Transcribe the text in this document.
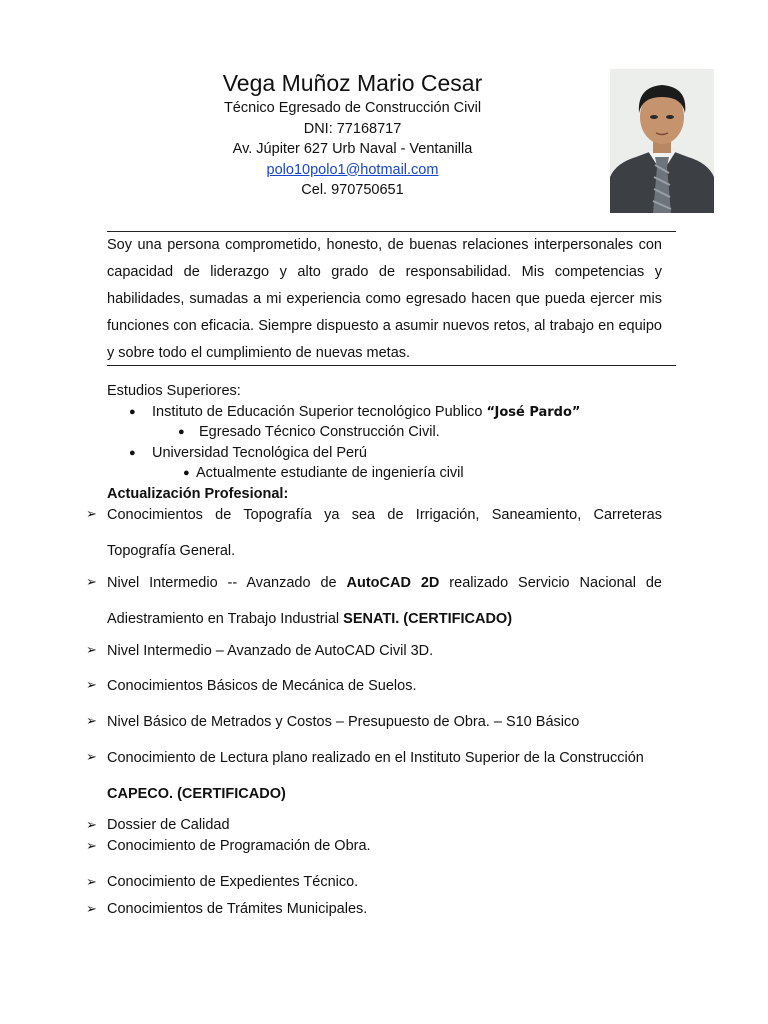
Vega Muñoz Mario Cesar
Técnico Egresado de Construcción Civil
DNI: 77168717
Av. Júpiter 627 Urb Naval - Ventanilla
polo10polo1@hotmail.com
Cel. 970750651
Soy una persona comprometido, honesto, de buenas relaciones interpersonales con capacidad de liderazgo y alto grado de responsabilidad. Mis competencias y habilidades, sumadas a mi experiencia como egresado hacen que pueda ejercer mis funciones con eficacia. Siempre dispuesto a asumir nuevos retos, al trabajo en equipo y sobre todo el cumplimiento de nuevas metas.
Estudios Superiores:
● Instituto de Educación Superior tecnológico Publico “José Pardo”
● Egresado Técnico Construcción Civil.
● Universidad Tecnológica del Perú
● Actualmente estudiante de ingeniería civil
Actualización Profesional:
➢ Conocimientos de Topografía ya sea de Irrigación, Saneamiento, Carreteras
Topografía General.
➢ Nivel Intermedio -- Avanzado de AutoCAD 2D realizado Servicio Nacional de
Adiestramiento en Trabajo Industrial SENATI. (CERTIFICADO)
➢ Nivel Intermedio – Avanzado de AutoCAD Civil 3D.
➢ Conocimientos Básicos de Mecánica de Suelos.
➢ Nivel Básico de Metrados y Costos – Presupuesto de Obra. – S10 Básico
➢ Conocimiento de Lectura plano realizado en el Instituto Superior de la Construcción
CAPECO. (CERTIFICADO)
➢ Dossier de Calidad
➢ Conocimiento de Programación de Obra.
➢ Conocimiento de Expedientes Técnico.
➢ Conocimientos de Trámites Municipales.
